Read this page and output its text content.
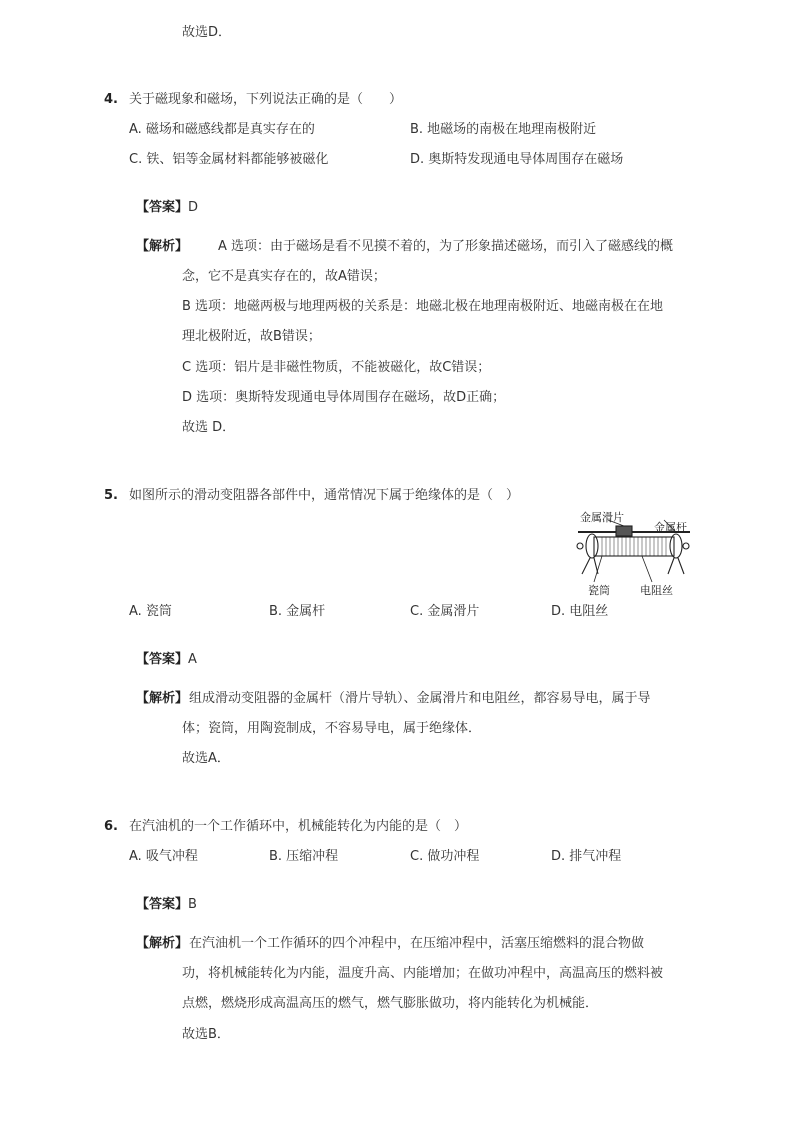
故选D．
4. 关于磁现象和磁场，下列说法正确的是（　　）
A. 磁场和磁感线都是真实存在的	B. 地磁场的南极在地理南极附近
C. 铁、铝等金属材料都能够被磁化	D. 奥斯特发现通电导体周围存在磁场
【答案】D
【解析】 A 选项：由于磁场是看不见摸不着的，为了形象描述磁场，而引入了磁感线的概
念，它不是真实存在的，故A错误；
B 选项：地磁两极与地理两极的关系是：地磁北极在地理南极附近、地磁南极在在地
理北极附近，故B错误；
C 选项：铝片是非磁性物质，不能被磁化，故C错误；
D 选项：奥斯特发现通电导体周围存在磁场，故D正确；
故选 D．
5. 如图所示的滑动变阻器各部件中，通常情况下属于绝缘体的是（　）
金属滑片
金属杆
瓷筒	电阻丝
A. 瓷筒	B. 金属杆	C. 金属滑片	D. 电阻丝
【答案】A
【解析】 组成滑动变阻器的金属杆（滑片导轨）、金属滑片和电阻丝，都容易导电，属于导
体；瓷筒，用陶瓷制成，不容易导电，属于绝缘体．
故选A．
6. 在汽油机的一个工作循环中，机械能转化为内能的是（　）
A. 吸气冲程	B. 压缩冲程	C. 做功冲程	D. 排气冲程
【答案】B
【解析】 在汽油机一个工作循环的四个冲程中，在压缩冲程中，活塞压缩燃料的混合物做
功，将机械能转化为内能，温度升高、内能增加；在做功冲程中，高温高压的燃料被
点燃，燃烧形成高温高压的燃气，燃气膨胀做功，将内能转化为机械能．
故选B．
